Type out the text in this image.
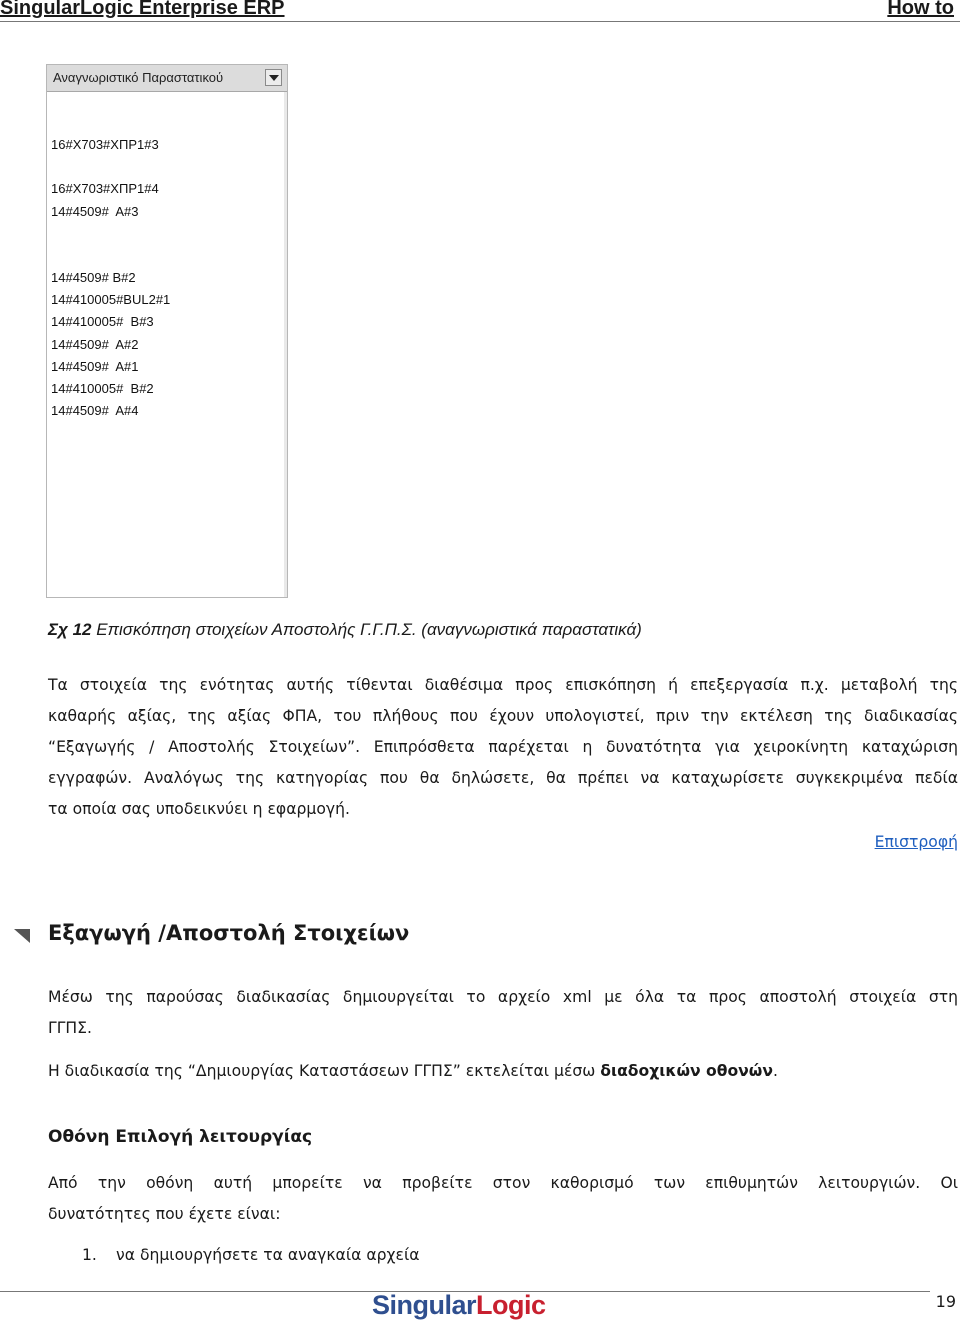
SingularLogic Enterprise ERP	How to
Αναγνωριστικό Παραστατικού
16#Χ703#ΧΠΡ1#3
16#Χ703#ΧΠΡ1#4
14#4509#  Α#3
14#4509# Β#2
14#410005#BUL2#1
14#410005#  Β#3
14#4509#  Α#2
14#4509#  Α#1
14#410005#  Β#2
14#4509#  Α#4
Σχ 12 Επισκόπηση στοιχείων Αποστολής Γ.Γ.Π.Σ. (αναγνωριστικά παραστατικά)
Τα στοιχεία της ενότητας αυτής τίθενται διαθέσιμα προς επισκόπηση ή επεξεργασία π.χ. μεταβολή της
καθαρής αξίας, της αξίας ΦΠΑ, του πλήθους που έχουν υπολογιστεί, πριν την εκτέλεση της διαδικασίας
“Εξαγωγής / Αποστολής Στοιχείων”. Επιπρόσθετα παρέχεται η δυνατότητα για χειροκίνητη καταχώριση
εγγραφών. Αναλόγως της κατηγορίας που θα δηλώσετε, θα πρέπει να καταχωρίσετε συγκεκριμένα πεδία
τα οποία σας υποδεικνύει η εφαρμογή.
Επιστροφή
Εξαγωγή /Αποστολή Στοιχείων
Μέσω της παρούσας διαδικασίας δημιουργείται το αρχείο xml με όλα τα προς αποστολή στοιχεία στη
ΓΓΠΣ.
Η διαδικασία της “Δημιουργίας Καταστάσεων ΓΓΠΣ” εκτελείται μέσω διαδοχικών οθονών.
Οθόνη Επιλογή λειτουργίας
Από την οθόνη αυτή μπορείτε να προβείτε στον καθορισμό των επιθυμητών λειτουργιών. Οι
δυνατότητες που έχετε είναι:
1. να δημιουργήσετε τα αναγκαία αρχεία
SingularLogic	19
